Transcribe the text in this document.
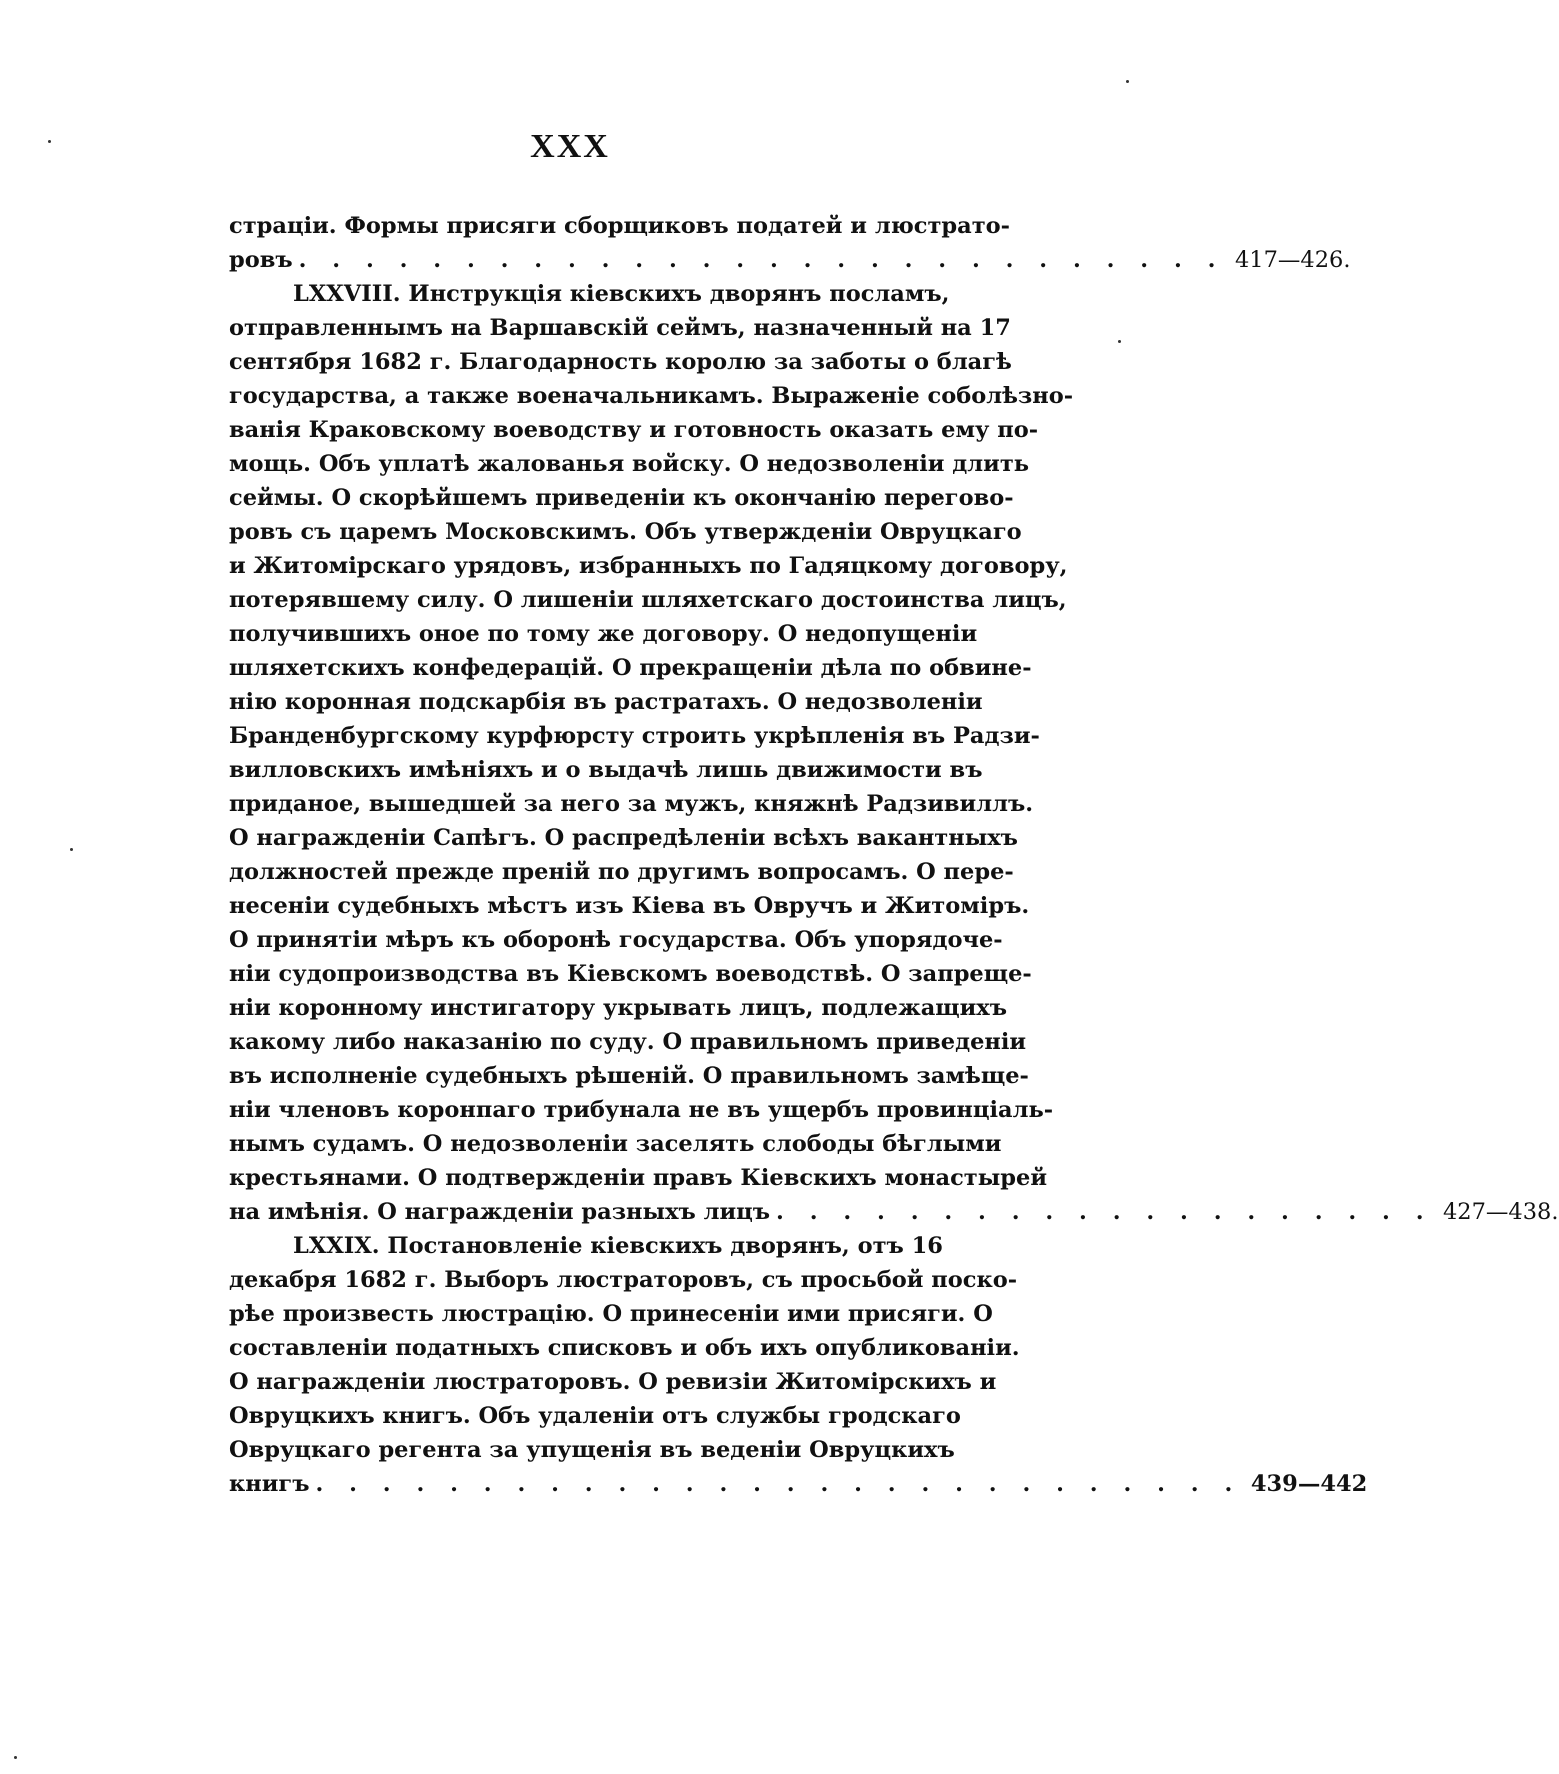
XXX
страціи. Формы присяги сборщиковъ податей и люстрато-
ровъ . . . . . . . . . . . . . . . . . . . . . . . . . . . . 417—426.
LXXVIII. Инструкція кіевскихъ дворянъ посламъ,
отправленнымъ на Варшавскій сеймъ, назначенный на 17
сентября 1682 г. Благодарность королю за заботы о благѣ
государства, а также военачальникамъ. Выраженіе соболѣзно-
ванія Краковскому воеводству и готовность оказать ему по-
мощь. Объ уплатѣ жалованья войску. О недозволеніи длить
сеймы. О скорѣйшемъ приведеніи къ окончанію перегово-
ровъ съ царемъ Московскимъ. Объ утвержденіи Овруцкаго
и Житомірскаго урядовъ, избранныхъ по Гадяцкому договору,
потерявшему силу. О лишеніи шляхетскаго достоинства лицъ,
получившихъ оное по тому же договору. О недопущеніи
шляхетскихъ конфедерацій. О прекращеніи дѣла по обвине-
нію коронная подскарбія въ растратахъ. О недозволеніи
Бранденбургскому курфюрсту строить укрѣпленія въ Радзи-
вилловскихъ имѣніяхъ и о выдачѣ лишь движимости въ
приданое, вышедшей за него за мужъ, княжнѣ Радзивиллъ.
О награжденіи Сапѣгъ. О распредѣленіи всѣхъ вакантныхъ
должностей прежде преній по другимъ вопросамъ. О пере-
несеніи судебныхъ мѣстъ изъ Кіева въ Овручъ и Житоміръ.
О принятіи мѣръ къ оборонѣ государства. Объ упорядоче-
ніи судопроизводства въ Кіевскомъ воеводствѣ. О запреще-
ніи коронному инстигатору укрывать лицъ, подлежащихъ
какому либо наказанію по суду. О правильномъ приведеніи
въ исполненіе судебныхъ рѣшеній. О правильномъ замѣще-
ніи членовъ коронпаго трибунала не въ ущербъ провинціаль-
нымъ судамъ. О недозволеніи заселять слободы бѣглыми
крестьянами. О подтвержденіи правъ Кіевскихъ монастырей
на имѣнія. О награжденіи разныхъ лицъ . . . . . . . . . . . . . . . . . . . . 427—438.
LXXIX. Постановленіе кіевскихъ дворянъ, отъ 16
декабря 1682 г. Выборъ люстраторовъ, съ просьбой поско-
рѣе произвесть люстрацію. О принесеніи ими присяги. О
составленіи податныхъ списковъ и объ ихъ опубликованіи.
О награжденіи люстраторовъ. О ревизіи Житомірскихъ и
Овруцкихъ книгъ. Объ удаленіи отъ службы гродскаго
Овруцкаго регента за упущенія въ веденіи Овруцкихъ
книгъ . . . . . . . . . . . . . . . . . . . . . . . . . . . . 439—442
